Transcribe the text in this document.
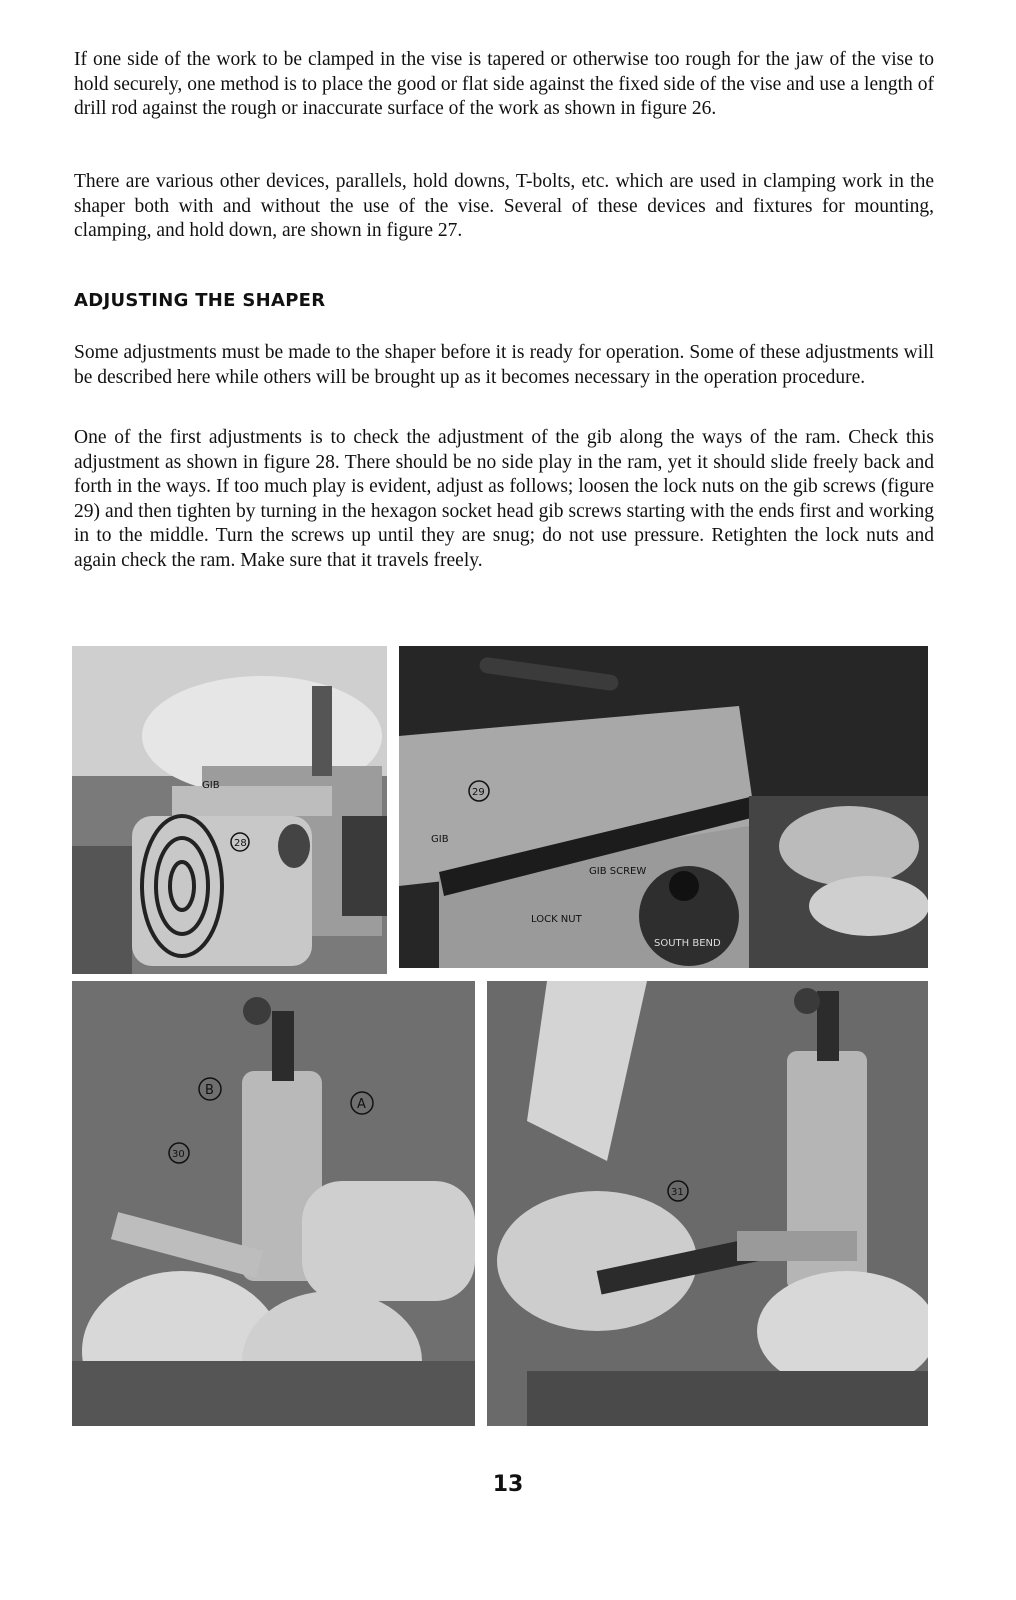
If one side of the work to be clamped in the vise is tapered or otherwise too rough for the jaw of the vise to hold securely, one method is to place the good or flat side against the fixed side of the vise and use a length of drill rod against the rough or inaccurate surface of the work as shown in figure 26.

There are various other devices, parallels, hold downs, T-bolts, etc. which are used in clamping work in the shaper both with and without the use of the vise. Several of these devices and fixtures for mounting, clamping, and hold down, are shown in figure 27.

ADJUSTING THE SHAPER

Some adjustments must be made to the shaper before it is ready for operation. Some of these adjustments will be described here while others will be brought up as it becomes necessary in the operation procedure.

One of the first adjustments is to check the adjustment of the gib along the ways of the ram. Check this adjustment as shown in figure 28. There should be no side play in the ram, yet it should slide freely back and forth in the ways. If too much play is evident, adjust as follows; loosen the lock nuts on the gib screws (figure 29) and then tighten by turning in the hexagon socket head gib screws starting with the ends first and working in to the middle. Turn the screws up until they are snug; do not use pressure. Retighten the lock nuts and again check the ram. Make sure that it travels freely.

GIB
28	GIB
GIB SCREW
LOCK NUT
SOUTH BEND
29
B
A
30
31
13
